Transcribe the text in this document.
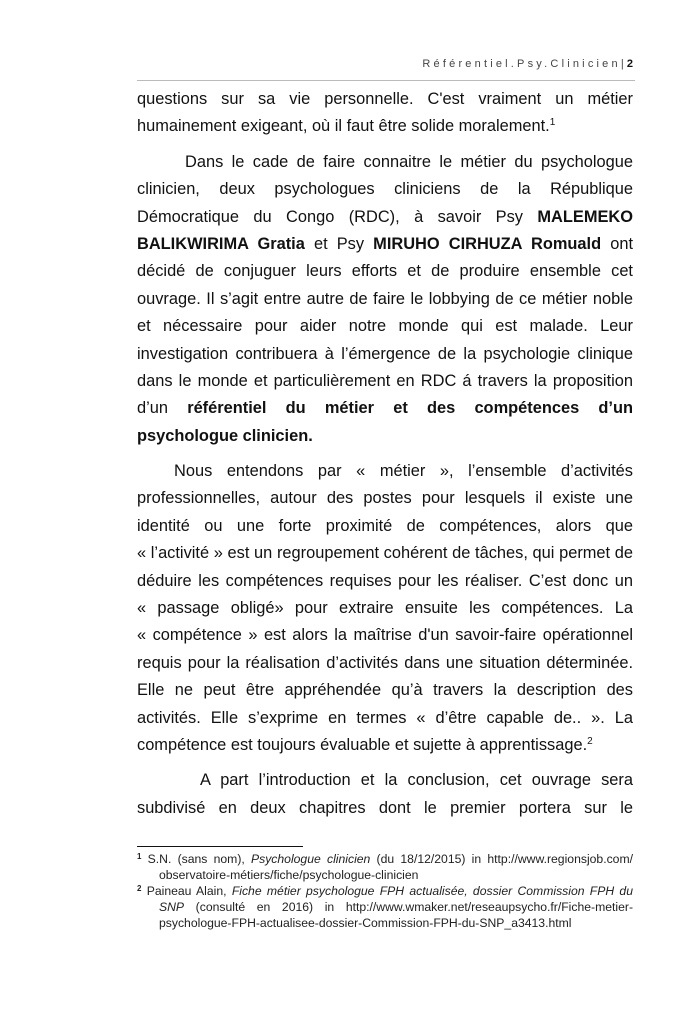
Référentiel.Psy.Clinicien|2
questions sur sa vie personnelle. C'est vraiment un métier
humainement exigeant, où il faut être solide moralement.$^1$
Dans le cade de faire connaitre le métier du psychologue
clinicien, deux psychologues cliniciens de la République
Démocratique du Congo (RDC), à savoir Psy MALEMEKO
BALIKWIRIMA Gratia et Psy MIRUHO CIRHUZA Romuald ont
décidé de conjuguer leurs efforts et de produire ensemble cet
ouvrage. Il s’agit entre autre de faire le lobbying de ce métier noble
et nécessaire pour aider notre monde qui est malade. Leur
investigation contribuera à l’émergence de la psychologie clinique
dans le monde et particulièrement en RDC á travers la proposition
d’un référentiel du métier et des compétences d’un
psychologue clinicien.
Nous entendons par « métier », l’ensemble d’activités
professionnelles, autour des postes pour lesquels il existe une
identité ou une forte proximité de compétences, alors que
« l’activité » est un regroupement cohérent de tâches, qui permet de
déduire les compétences requises pour les réaliser. C’est donc un
« passage obligé» pour extraire ensuite les compétences. La
« compétence » est alors la maîtrise d'un savoir-faire opérationnel
requis pour la réalisation d’activités dans une situation déterminée.
Elle ne peut être appréhendée qu’à travers la description des
activités. Elle s’exprime en termes « d’être capable de.. ». La
compétence est toujours évaluable et sujette à apprentissage.$^2$
A part l’introduction et la conclusion, cet ouvrage sera
subdivisé en deux chapitres dont le premier portera sur le
$^1$ S.N. (sans nom), Psychologue clinicien (du 18/12/2015) in http://www.regionsjob.com/ observatoire-métiers/fiche/psychologue-clinicien
$^2$ Paineau Alain, Fiche métier psychologue FPH actualisée, dossier Commission FPH du SNP (consulté en 2016) in http://www.wmaker.net/reseaupsycho.fr/Fiche-metier-psychologue-FPH-actualisee-dossier-Commission-FPH-du-SNP_a3413.html
